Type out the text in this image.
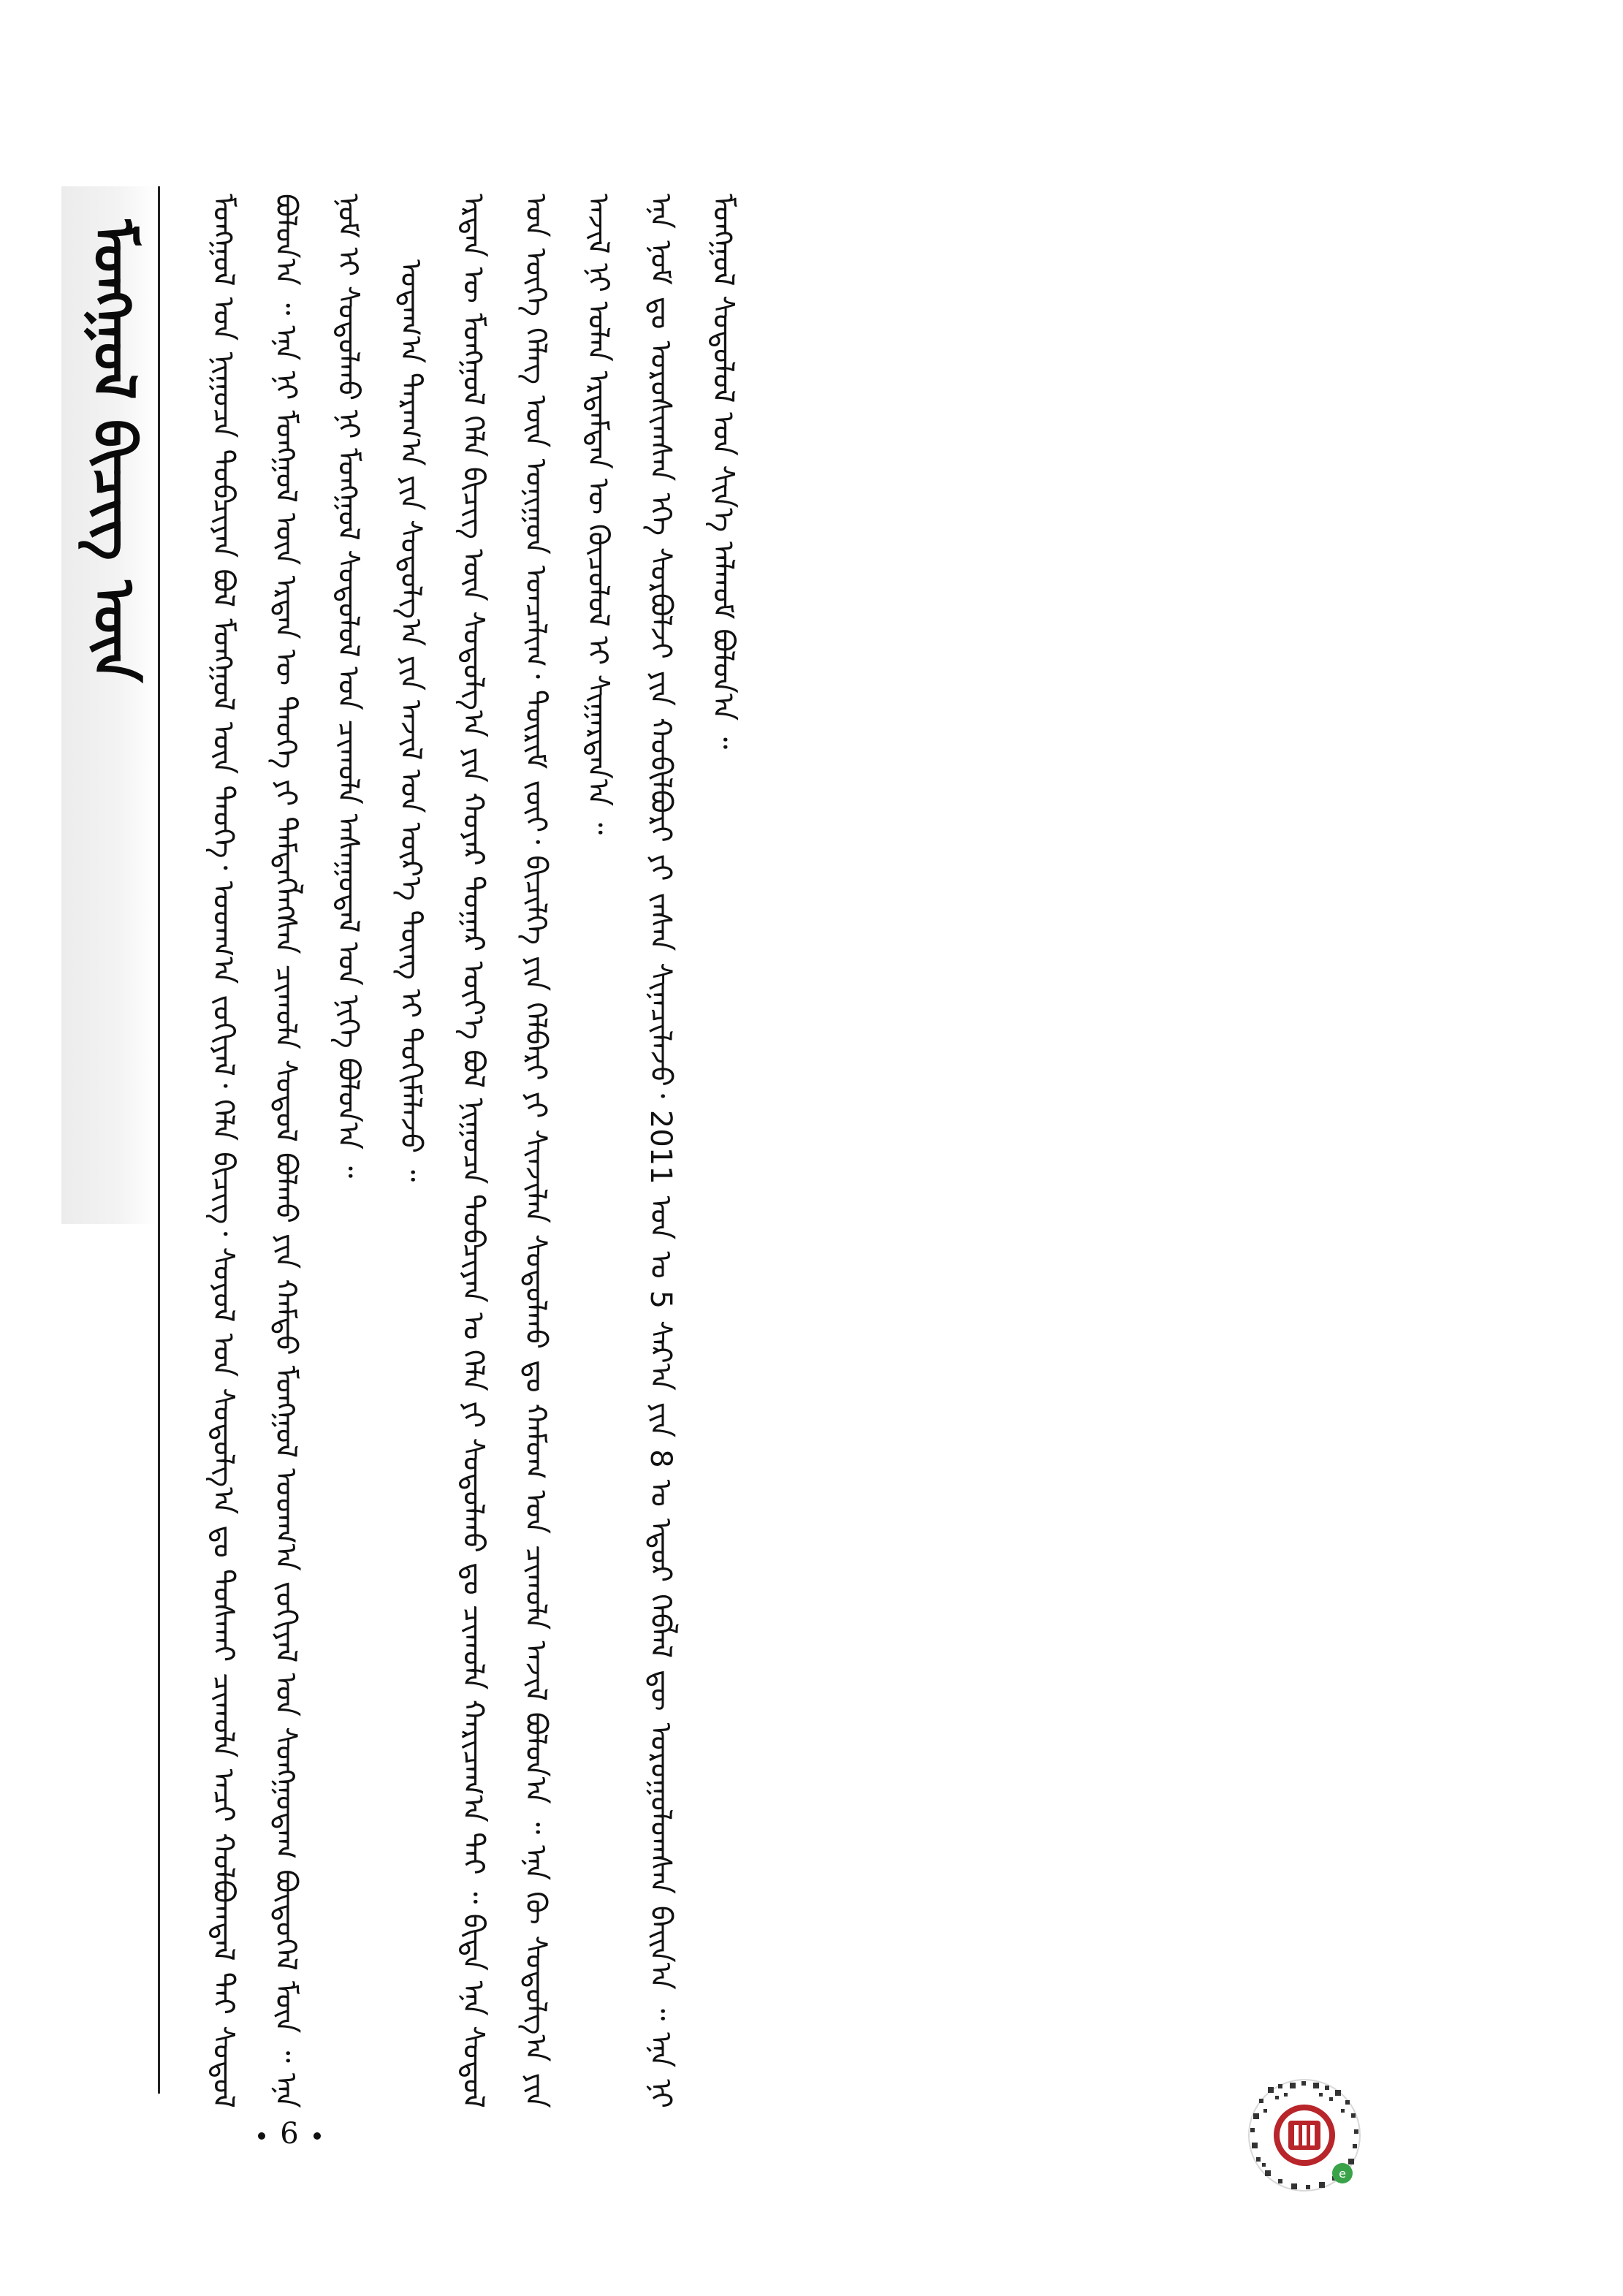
ᠮᠣᠩᠭᠣᠯ ᠪᠢᠴᠢᠭ ᠦᠨ	ᠮᠣᠩᠭᠣᠯ ᠤᠨ ᠨᠢᠭᠤᠴᠠ ᠲᠣᠪᠴᠢᠶᠠᠨ ᠪᠣᠯ ᠮᠣᠩᠭᠣᠯ ᠦᠨ ᠲᠡᠦᠬᠡ᠂ ᠤᠳᠬ᠎ᠠ ᠵᠣᠬᠢᠶᠠᠯ᠂ ᠬᠡᠯᠡ ᠪᠢᠴᠢᠭ᠂ ᠰᠣᠶᠣᠯ ᠤᠨ ᠰᠤᠳᠤᠯᠭ᠎ᠠ ᠳᠤ ᠲᠤᠰᠬᠠᠢ ᠴᠢᠬᠤᠯᠠ ᠠᠴᠢ ᠬᠣᠯᠪᠣᠭᠳᠠᠯ ᠲᠠᠢ ᠰᠤᠳᠤᠯ ᠪᠣᠯᠤᠨ᠎ᠠ ᠃ ᠡᠨᠡ ᠨᠢ ᠮᠣᠩᠭᠣᠯ ᠦᠨ ᠡᠷᠲᠡᠨ ᠦ ᠲᠡᠦᠬᠡ ᠶᠢ ᠲᠡᠮᠳᠡᠭᠯᠡᠭᠰᠡᠨ ᠴᠢᠬᠤᠯᠠ ᠰᠤᠳᠤᠯ ᠪᠣᠯᠬᠤ ᠶᠢᠨ ᠬᠠᠮᠲᠤ ᠮᠣᠩᠭᠣᠯ ᠤᠳᠬ᠎ᠠ ᠵᠣᠬᠢᠶᠠᠯ ᠤᠨ ᠰᠣᠩᠭᠣᠳᠠᠭ ᠪᠦᠲᠦᠭᠡᠯ ᠮᠥᠨ ᠃ ᠡᠨᠡ ᠨᠣᠮ ᠢ ᠰᠤᠳᠤᠯᠬᠤ ᠨᠢ ᠮᠣᠩᠭᠣᠯ ᠰᠤᠳᠤᠯᠤᠯ ᠤᠨ ᠴᠢᠬᠤᠯᠠ ᠠᠰᠠᠭᠤᠳᠠᠯ ᠤᠨ ᠨᠢᠭᠡ ᠪᠣᠯᠤᠨ᠎ᠠ ᠃ ᠤᠳᠠᠭ᠎ᠠ ᠳᠠᠷᠠᠭ᠎ᠠ ᠶᠢᠨ ᠰᠤᠳᠤᠯᠭ᠎ᠠ ᠶᠢᠨ ᠠᠵᠢᠯ ᠤᠨ ᠦᠷ᠎ᠡ ᠳᠦᠩ ᠢ ᠲᠣᠭᠢᠮᠠᠯᠠᠵᠤ ᠃ ᠡᠷᠲᠡᠨ ᠦ ᠮᠣᠩᠭᠣᠯ ᠬᠡᠯᠡ ᠪᠢᠴᠢᠭ ᠦᠨ ᠰᠤᠳᠤᠯᠭ᠎ᠠ ᠶᠢᠨ ᠬᠣᠶᠠᠷ ᠳᠤᠭᠠᠷ ᠦᠶ᠎ᠡ ᠪᠣᠯ ᠨᠢᠭᠤᠴᠠ ᠲᠣᠪᠴᠢᠶᠠᠨ ᠤ ᠬᠡᠯᠡ ᠶᠢ ᠰᠤᠳᠤᠯᠬᠤ ᠳᠤ ᠴᠢᠬᠤᠯᠠ ᠬᠠᠷᠢᠴᠠᠭ᠎ᠠ ᠲᠠᠢ ᠃ ᠪᠢᠳᠡ ᠡᠨᠡ ᠰᠤᠳᠤᠯ ᠤᠨ ᠦᠭᠡ ᠬᠡᠯᠡᠭ ᠦᠨ ᠤᠨᠢᠭᠤᠨ ᠣᠨᠴᠠᠯᠢᠭ᠂ ᠳᠦᠷᠢᠮ ᠵᠦᠢ᠂ ᠪᠢᠴᠢᠯᠭᠡ ᠶᠢᠨ ᠬᠡᠯᠪᠡᠷᠢ ᠶᠢ ᠰᠢᠨᠵᠢᠯᠡᠨ ᠰᠤᠳᠤᠯᠬᠤ ᠳᠤ ᠬᠠᠮᠤᠭ ᠤᠨ ᠴᠢᠬᠤᠯᠠ ᠠᠵᠢᠯ ᠪᠣᠯᠤᠨ᠎ᠠ ᠃ ᠡᠨᠡ ᠬᠦ ᠰᠤᠳᠤᠯᠭ᠎ᠠ ᠶᠢᠨ ᠠᠵᠢᠯ ᠨᠢ ᠣᠯᠠᠨ ᠡᠷᠳᠡᠮᠲᠡᠨ ᠦ ᠬᠦᠴᠦᠯᠦᠯ ᠢ ᠰᠢᠭᠠᠷᠳᠠᠨ᠎ᠠ ᠃ ᠡᠨᠡ ᠨᠣᠮ ᠳᠤ ᠣᠷᠣᠰᠢᠭᠰᠠᠨ ᠡᠬᠡ ᠰᠤᠷᠪᠤᠯᠵᠢ ᠶᠢᠨ ᠬᠤᠪᠢᠯᠪᠤᠷᠢ ᠶᠢ ᠵᠠᠰᠠᠨ ᠰᠢᠨᠡᠴᠢᠯᠡᠵᠦ᠂ 2011 ᠣᠨ ᠤ 5 ᠰᠠᠷ᠎ᠠ ᠶᠢᠨ 8 ᠤ ᠡᠳᠦᠷ ᠬᠡᠪᠯᠡᠯ ᠳᠦ ᠣᠷᠣᠭᠤᠯᠤᠭᠰᠠᠨ ᠪᠠᠢᠨ᠎ᠠ ᠃ ᠡᠨᠡ ᠨᠢ ᠮᠣᠩᠭᠣᠯ ᠰᠤᠳᠤᠯᠤᠯ ᠤᠨ ᠰᠢᠨ᠎ᠡ ᠠᠯᠬᠤᠮ ᠪᠣᠯᠤᠨ᠎ᠠ ᠃

6
e
